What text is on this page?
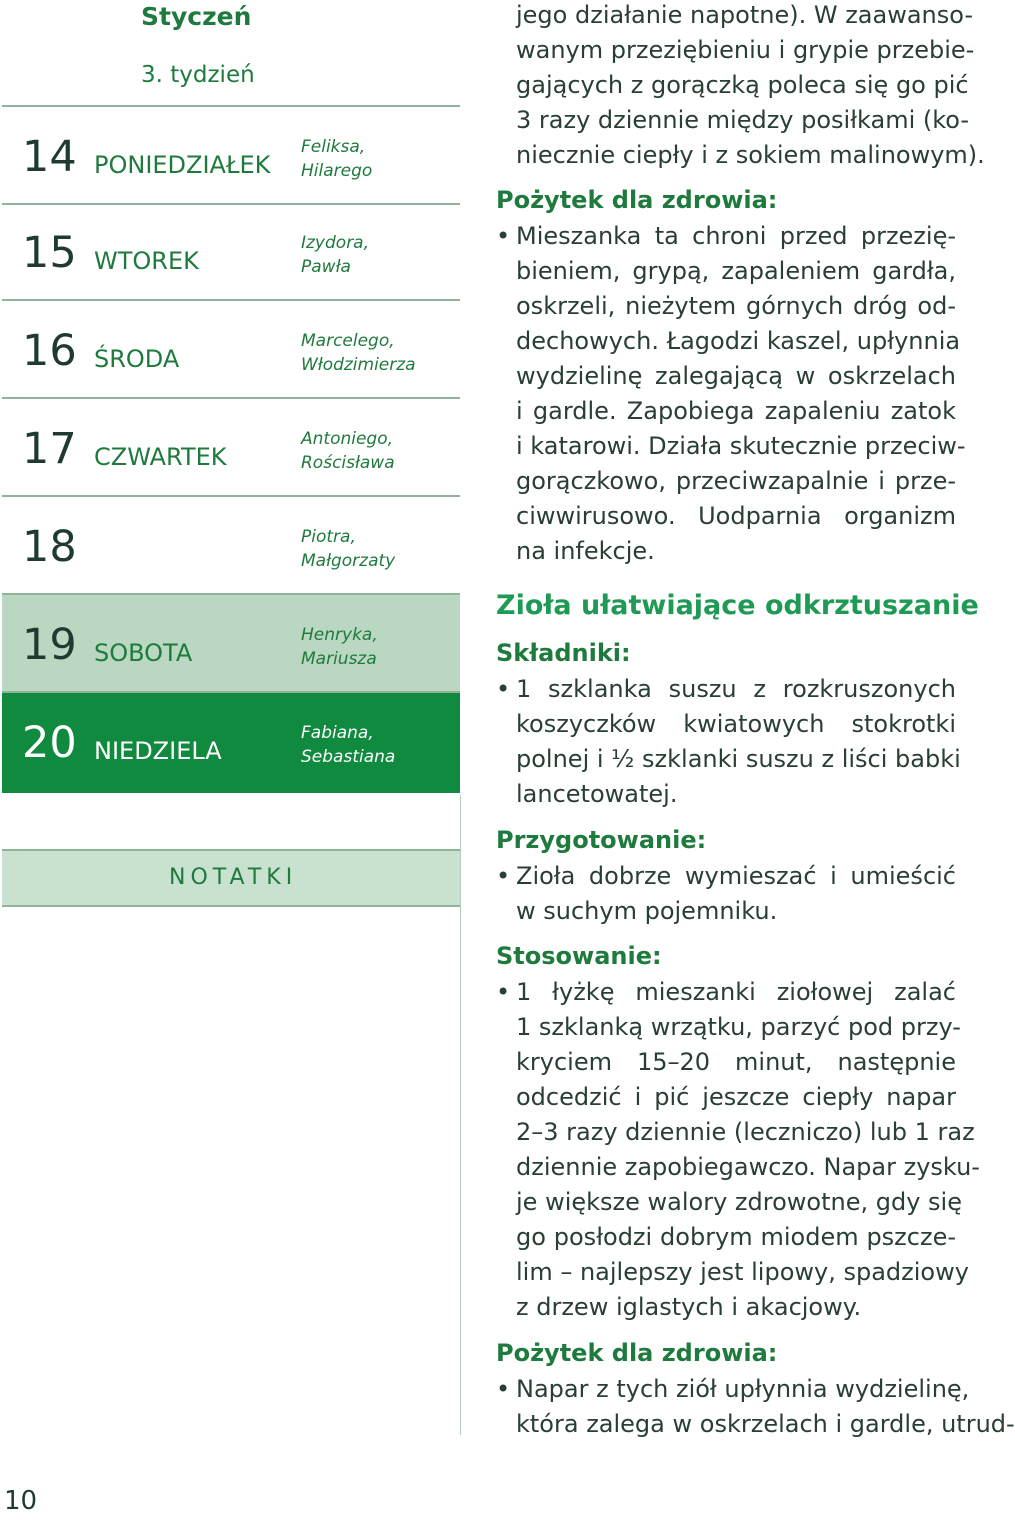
Styczeń
3. tydzień
14 PONIEDZIAŁEK
Feliksa,
Hilarego
15 WTOREK
Izydora,
Pawła
16 ŚRODA
Marcelego,
Włodzimierza
17 CZWARTEK
Antoniego,
Rościsława
18	Piotra,
Małgorzaty
19 SOBOTA
Henryka,
Mariusza
20 NIEDZIELA
Fabiana,
Sebastiana
NOTATKI
10
jego działanie napotne). W zaawanso-
wanym przeziębieniu i grypie przebie-
gających z gorączką poleca się go pić
3 razy dziennie między posiłkami (ko-
niecznie ciepły i z sokiem malinowym).
Pożytek dla zdrowia:
• Mieszanka ta chroni przed przezię-
bieniem, grypą, zapaleniem gardła,
oskrzeli, nieżytem górnych dróg od-
dechowych. Łagodzi kaszel, upłynnia
wydzielinę zalegającą w oskrzelach
i gardle. Zapobiega zapaleniu zatok
i katarowi. Działa skutecznie przeciw-
gorączkowo, przeciwzapalnie i prze-
ciwwirusowo. Uodparnia organizm
na infekcje.
Zioła ułatwiające odkrztuszanie
Składniki:
• 1 szklanka suszu z rozkruszonych
koszyczków kwiatowych stokrotki
polnej i ½ szklanki suszu z liści babki
lancetowatej.
Przygotowanie:
• Zioła dobrze wymieszać i umieścić
w suchym pojemniku.
Stosowanie:
• 1 łyżkę mieszanki ziołowej zalać
1 szklanką wrzątku, parzyć pod przy-
kryciem 15–20 minut, następnie
odcedzić i pić jeszcze ciepły napar
2–3 razy dziennie (leczniczo) lub 1 raz
dziennie zapobiegawczo. Napar zysku-
je większe walory zdrowotne, gdy się
go posłodzi dobrym miodem pszcze-
lim – najlepszy jest lipowy, spadziowy
z drzew iglastych i akacjowy.
Pożytek dla zdrowia:
• Napar z tych ziół upłynnia wydzielinę,
która zalega w oskrzelach i gardle, utrud-
